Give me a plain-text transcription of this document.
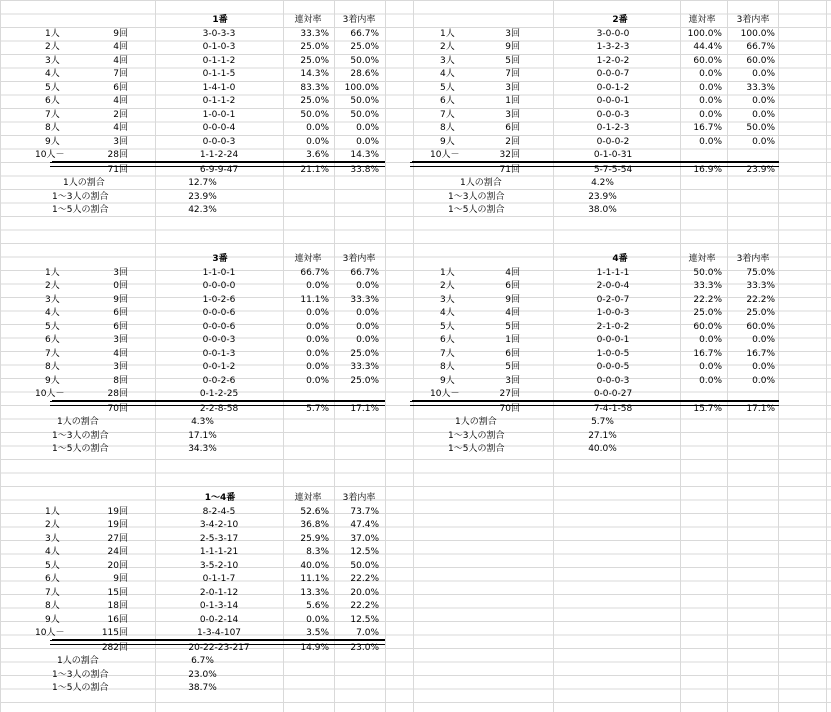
1番	連対率	3着内率
1人	9回	3-0-3-3	33.3%	66.7%
2人	4回	0-1-0-3	25.0%	25.0%
3人	4回	0-1-1-2	25.0%	50.0%
4人	7回	0-1-1-5	14.3%	28.6%
5人	6回	1-4-1-0	83.3%	100.0%
6人	4回	0-1-1-2	25.0%	50.0%
7人	2回	1-0-0-1	50.0%	50.0%
8人	4回	0-0-0-4	0.0%	0.0%
9人	3回	0-0-0-3	0.0%	0.0%
10人－	28回	1-1-2-24	3.6%	14.3%
71回	6-9-9-47	21.1%	33.8%
1人の割合	12.7%
1～3人の割合	23.9%
1～5人の割合	42.3%
2番	連対率	3着内率
1人	3回	3-0-0-0	100.0%	100.0%
2人	9回	1-3-2-3	44.4%	66.7%
3人	5回	1-2-0-2	60.0%	60.0%
4人	7回	0-0-0-7	0.0%	0.0%
5人	3回	0-0-1-2	0.0%	33.3%
6人	1回	0-0-0-1	0.0%	0.0%
7人	3回	0-0-0-3	0.0%	0.0%
8人	6回	0-1-2-3	16.7%	50.0%
9人	2回	0-0-0-2	0.0%	0.0%
10人－	32回	0-1-0-31
71回	5-7-5-54	16.9%	23.9%
1人の割合	4.2%
1～3人の割合	23.9%
1～5人の割合	38.0%
3番	連対率	3着内率
1人	3回	1-1-0-1	66.7%	66.7%
2人	0回	0-0-0-0	0.0%	0.0%
3人	9回	1-0-2-6	11.1%	33.3%
4人	6回	0-0-0-6	0.0%	0.0%
5人	6回	0-0-0-6	0.0%	0.0%
6人	3回	0-0-0-3	0.0%	0.0%
7人	4回	0-0-1-3	0.0%	25.0%
8人	3回	0-0-1-2	0.0%	33.3%
9人	8回	0-0-2-6	0.0%	25.0%
10人－	28回	0-1-2-25
70回	2-2-8-58	5.7%	17.1%
1人の割合	4.3%
1～3人の割合	17.1%
1～5人の割合	34.3%
4番	連対率	3着内率
1人	4回	1-1-1-1	50.0%	75.0%
2人	6回	2-0-0-4	33.3%	33.3%
3人	9回	0-2-0-7	22.2%	22.2%
4人	4回	1-0-0-3	25.0%	25.0%
5人	5回	2-1-0-2	60.0%	60.0%
6人	1回	0-0-0-1	0.0%	0.0%
7人	6回	1-0-0-5	16.7%	16.7%
8人	5回	0-0-0-5	0.0%	0.0%
9人	3回	0-0-0-3	0.0%	0.0%
10人－	27回	0-0-0-27
70回	7-4-1-58	15.7%	17.1%
1人の割合	5.7%
1～3人の割合	27.1%
1～5人の割合	40.0%
1～4番	連対率	3着内率
1人	19回	8-2-4-5	52.6%	73.7%
2人	19回	3-4-2-10	36.8%	47.4%
3人	27回	2-5-3-17	25.9%	37.0%
4人	24回	1-1-1-21	8.3%	12.5%
5人	20回	3-5-2-10	40.0%	50.0%
6人	9回	0-1-1-7	11.1%	22.2%
7人	15回	2-0-1-12	13.3%	20.0%
8人	18回	0-1-3-14	5.6%	22.2%
9人	16回	0-0-2-14	0.0%	12.5%
10人－	115回	1-3-4-107	3.5%	7.0%
282回	20-22-23-217	14.9%	23.0%
1人の割合	6.7%
1～3人の割合	23.0%
1～5人の割合	38.7%
